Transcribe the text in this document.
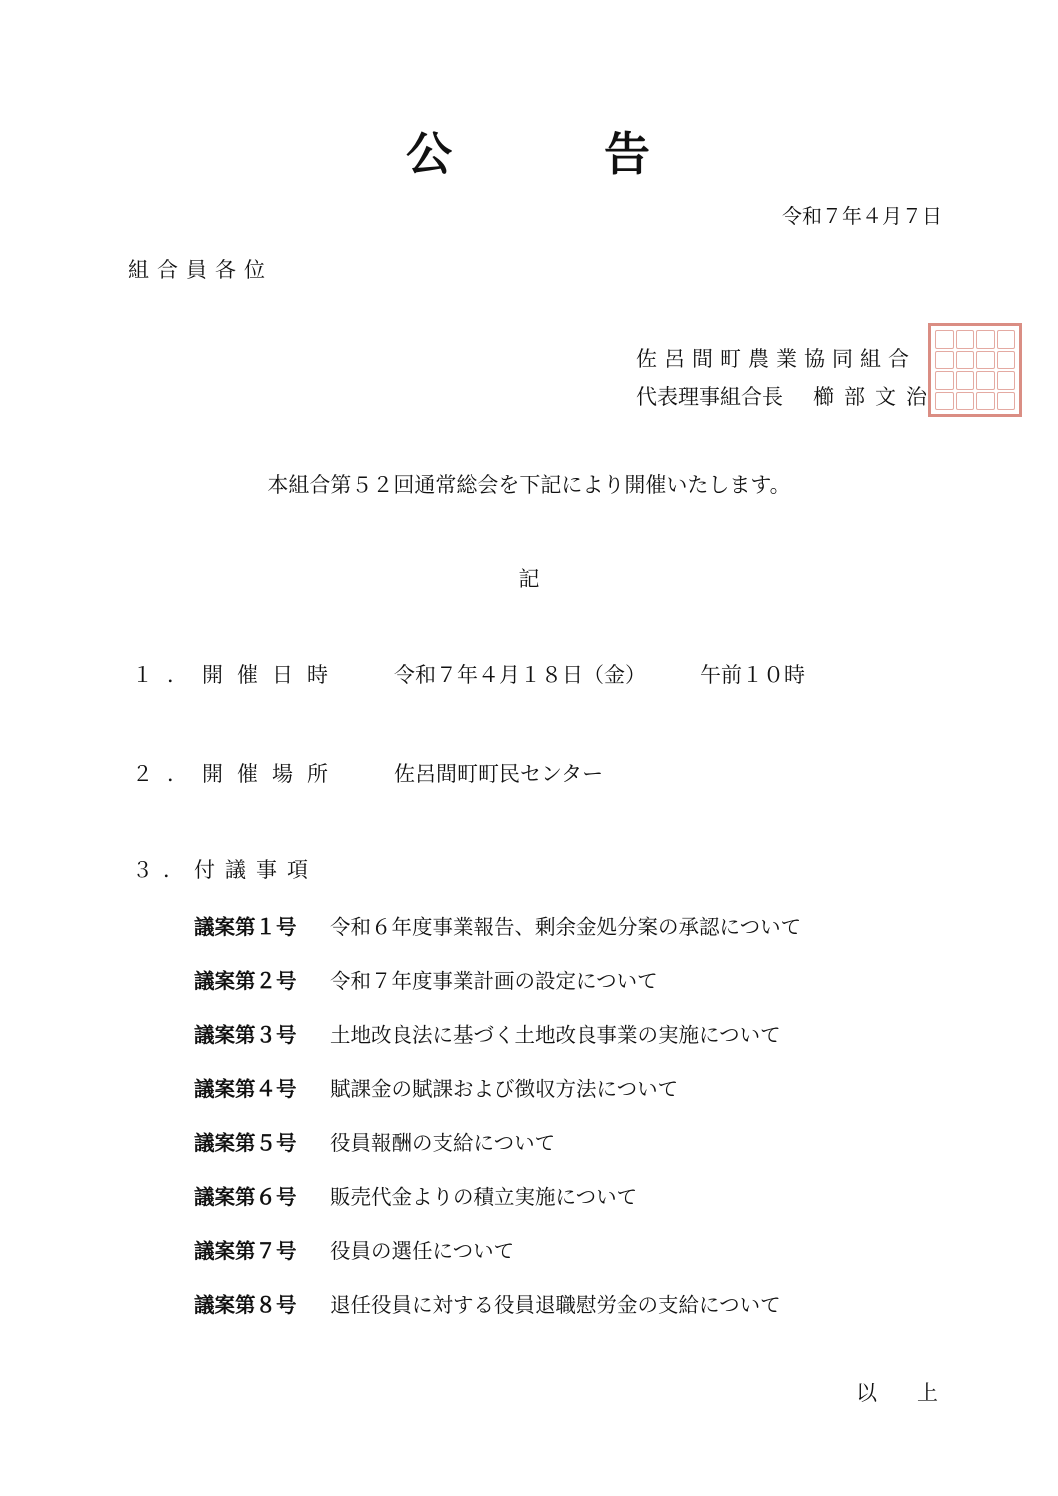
公	告
令和７年４月７日
組合員各位
佐呂間町農業協同組合
代表理事組合長 櫛部文治
本組合第５２回通常総会を下記により開催いたします。
記
１．開催日時 令和７年４月１８日（金）	午前１０時
２．開催場所 佐呂間町町民センター
３．付議事項
議案第１号 令和６年度事業報告、剰余金処分案の承認について
議案第２号 令和７年度事業計画の設定について
議案第３号 土地改良法に基づく土地改良事業の実施について
議案第４号 賦課金の賦課および徴収方法について
議案第５号 役員報酬の支給について
議案第６号 販売代金よりの積立実施について
議案第７号 役員の選任について
議案第８号 退任役員に対する役員退職慰労金の支給について
以上
